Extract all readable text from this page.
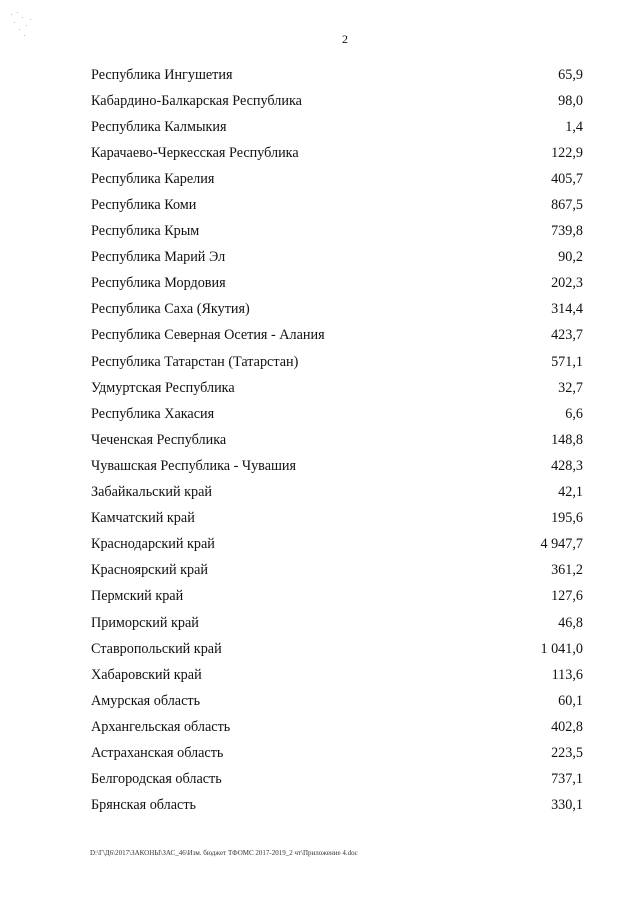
2
Республика Ингушетия	65,9
Кабардино-Балкарская Республика	98,0
Республика Калмыкия	1,4
Карачаево-Черкесская Республика	122,9
Республика Карелия	405,7
Республика Коми	867,5
Республика Крым	739,8
Республика Марий Эл	90,2
Республика Мордовия	202,3
Республика Саха (Якутия)	314,4
Республика Северная Осетия - Алания	423,7
Республика Татарстан (Татарстан)	571,1
Удмуртская Республика	32,7
Республика Хакасия	6,6
Чеченская Республика	148,8
Чувашская Республика - Чувашия	428,3
Забайкальский край	42,1
Камчатский край	195,6
Краснодарский край	4 947,7
Красноярский край	361,2
Пермский край	127,6
Приморский край	46,8
Ставропольский край	1 041,0
Хабаровский край	113,6
Амурская область	60,1
Архангельская область	402,8
Астраханская область	223,5
Белгородская область	737,1
Брянская область	330,1
D:\Г\Д6\2017\ЗАКОНЫ\ЗАС_46\Изм. бюджет ТФОМС 2017-2019_2 чт\Приложение 4.doc
